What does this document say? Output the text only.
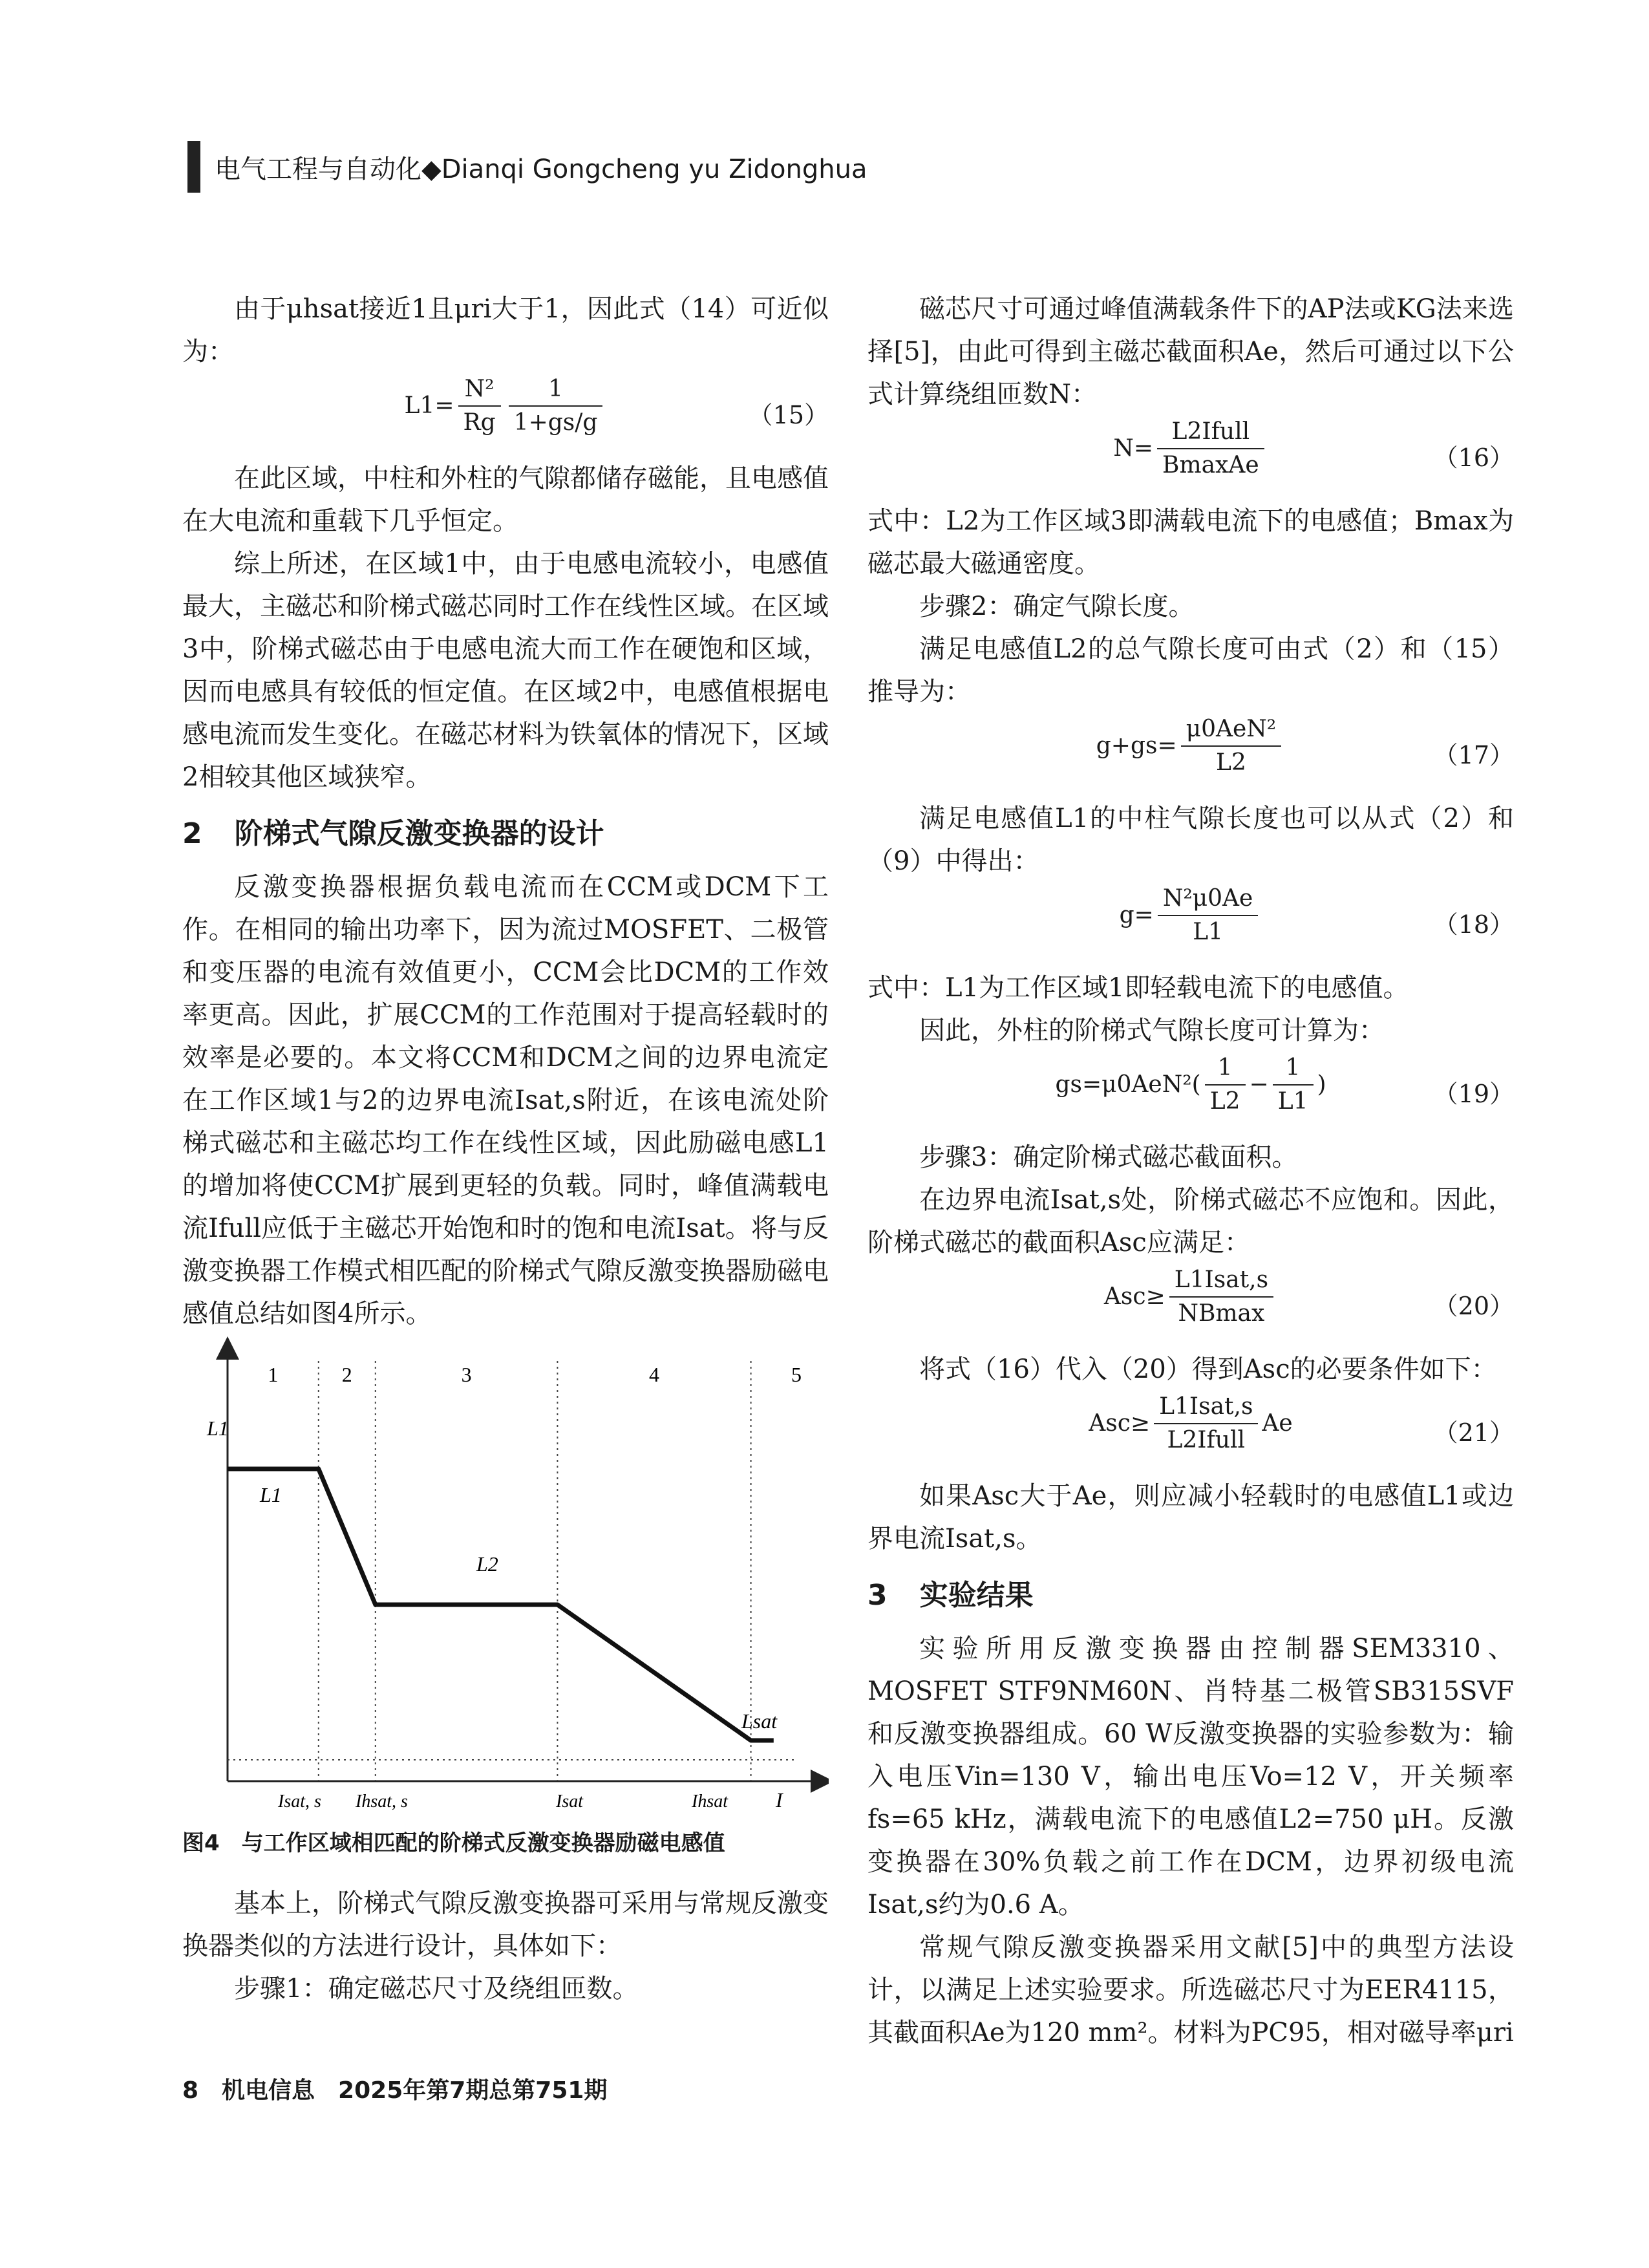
电气工程与自动化◆Dianqi Gongcheng yu Zidonghua

由于μhsat接近1且μri大于1，因此式（14）可近似为：

$L1= \frac{\text{N²}}{Rg} \frac{1}{1+gs/g}$	（15）

在此区域，中柱和外柱的气隙都储存磁能，且电感值在大电流和重载下几乎恒定。

综上所述，在区域1中，由于电感电流较小，电感值最大，主磁芯和阶梯式磁芯同时工作在线性区域。在区域3中，阶梯式磁芯由于电感电流大而工作在硬饱和区域，因而电感具有较低的恒定值。在区域2中，电感值根据电感电流而发生变化。在磁芯材料为铁氧体的情况下，区域2相较其他区域狭窄。

2 阶梯式气隙反激变换器的设计

反激变换器根据负载电流而在CCM或DCM下工作。在相同的输出功率下，因为流过MOSFET、二极管和变压器的电流有效值更小，CCM会比DCM的工作效率更高。因此，扩展CCM的工作范围对于提高轻载时的效率是必要的。本文将CCM和DCM之间的边界电流定在工作区域1与2的边界电流Isat,s附近，在该电流处阶梯式磁芯和主磁芯均工作在线性区域，因此励磁电感L1的增加将使CCM扩展到更轻的负载。同时，峰值满载电流Ifull应低于主磁芯开始饱和时的饱和电流Isat。将与反激变换器工作模式相匹配的阶梯式气隙反激变换器励磁电感值总结如图4所示。

1	2	3	4	5
L1
L1
L2
Lsat
Isat, s Ihsat, s	Isat	Ihsat I
图4　与工作区域相匹配的阶梯式反激变换器励磁电感值

基本上，阶梯式气隙反激变换器可采用与常规反激变换器类似的方法进行设计，具体如下：

步骤1：确定磁芯尺寸及绕组匝数。

磁芯尺寸可通过峰值满载条件下的AP法或KG法来选择[5]，由此可得到主磁芯截面积Ae，然后可通过以下公式计算绕组匝数N：

$N= \frac{\text{L2Ifull}}{\text{BmaxAe}}$	（16）

式中：L2为工作区域3即满载电流下的电感值；Bmax为磁芯最大磁通密度。

步骤2：确定气隙长度。

满足电感值L2的总气隙长度可由式（2）和（15）推导为：

$g+gs= \frac{\text{μ0AeN²}}{L2}$	（17）

满足电感值L1的中柱气隙长度也可以从式（2）和（9）中得出：

$g= \frac{\text{N²μ0Ae}}{L1}$	（18）

式中：L1为工作区域1即轻载电流下的电感值。

因此，外柱的阶梯式气隙长度可计算为：

$gs=\mu 0AeN^2( \frac{1}{L2} - \frac{1}{L1}$ )	（19）

步骤3：确定阶梯式磁芯截面积。

在边界电流Isat,s处，阶梯式磁芯不应饱和。因此，阶梯式磁芯的截面积Asc应满足：

$Asc\ge \frac{\text{L1Isat,s}}{NBmax}$	（20）

将式（16）代入（20）得到Asc的必要条件如下：

$Asc\ge \frac{\text{L1Isat,s}}{\text{L2Ifull}}$ Ae	（21）

如果Asc大于Ae，则应减小轻载时的电感值L1或边界电流Isat,s。

3 实验结果

实验所用反激变换器由控制器SEM3310、MOSFET STF9NM60N、肖特基二极管SB315SVF和反激变换器组成。60 W反激变换器的实验参数为：输入电压Vin=130 V，输出电压Vo=12 V，开关频率fs=65 kHz，满载电流下的电感值L2=750 μH。反激变换器在30%负载之前工作在DCM，边界初级电流Isat,s约为0.6 A。

常规气隙反激变换器采用文献[5]中的典型方法设计，以满足上述实验要求。所选磁芯尺寸为EER4115，其截面积Ae为120 mm²。材料为PC95，相对磁导率μri

8　机电信息　2025年第7期总第751期
